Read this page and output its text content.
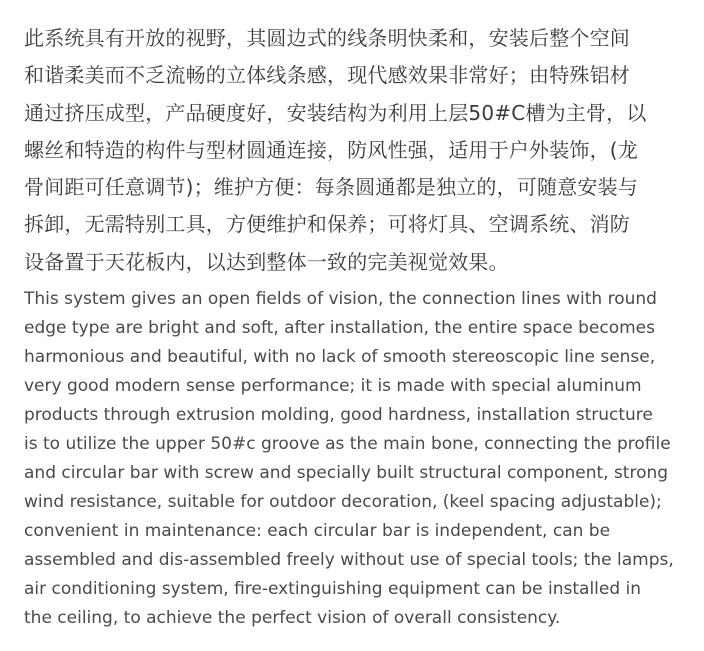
此系统具有开放的视野，其圆边式的线条明快柔和，安装后整个空间
和谐柔美而不乏流畅的立体线条感，现代感效果非常好；由特殊铝材
通过挤压成型，产品硬度好，安装结构为利用上层50#C槽为主骨，以
螺丝和特造的构件与型材圆通连接，防风性强，适用于户外装饰，(龙
骨间距可任意调节)；维护方便：每条圆通都是独立的，可随意安装与
拆卸，无需特别工具，方便维护和保养；可将灯具、空调系统、消防
设备置于天花板内，以达到整体一致的完美视觉效果。
This system gives an open fields of vision, the connection lines with round
edge type are bright and soft, after installation, the entire space becomes
harmonious and beautiful, with no lack of smooth stereoscopic line sense,
very good modern sense performance; it is made with special aluminum
products through extrusion molding, good hardness, installation structure
is to utilize the upper 50#c groove as the main bone, connecting the profile
and circular bar with screw and specially built structural component, strong
wind resistance, suitable for outdoor decoration, (keel spacing adjustable);
convenient in maintenance: each circular bar is independent, can be
assembled and dis-assembled freely without use of special tools; the lamps,
air conditioning system, fire-extinguishing equipment can be installed in
the ceiling, to achieve the perfect vision of overall consistency.
